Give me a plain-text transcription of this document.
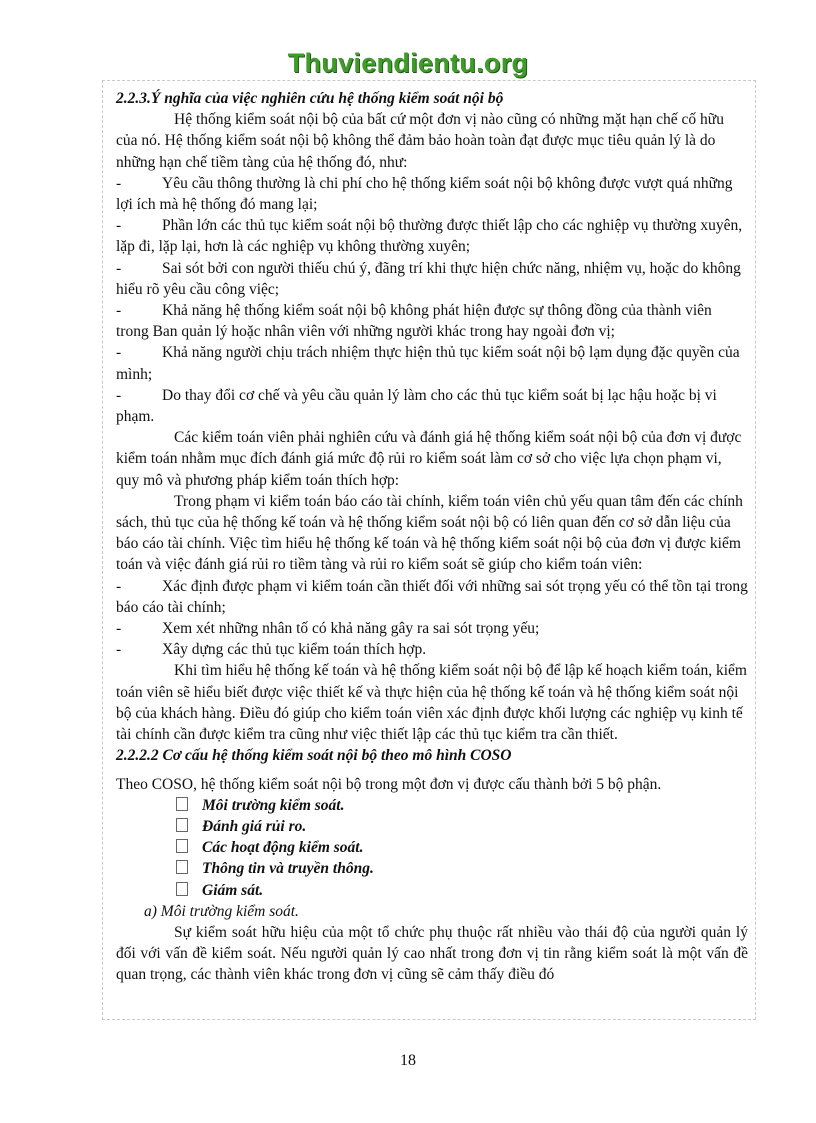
Thuviendientu.org

2.2.3.Ý nghĩa của việc nghiên cứu hệ thống kiểm soát nội bộ

Hệ thống kiểm soát nội bộ của bất cứ một đơn vị nào cũng có những mặt hạn chế cố hữu của nó. Hệ thống kiểm soát nội bộ không thể đảm bảo hoàn toàn đạt được mục tiêu quản lý là do những hạn chế tiềm tàng của hệ thống đó, như:

-	Yêu cầu thông thường là chi phí cho hệ thống kiểm soát nội bộ không được vượt quá những lợi ích mà hệ thống đó mang lại;

-	Phần lớn các thủ tục kiểm soát nội bộ thường được thiết lập cho các nghiệp vụ thường xuyên, lặp đi, lặp lại, hơn là các nghiệp vụ không thường xuyên;

-	Sai sót bởi con người thiếu chú ý, đãng trí khi thực hiện chức năng, nhiệm vụ, hoặc do không hiểu rõ yêu cầu công việc;

-	Khả năng hệ thống kiểm soát nội bộ không phát hiện được sự thông đồng của thành viên trong Ban quản lý hoặc nhân viên với những người khác trong hay ngoài đơn vị;

-	Khả năng người chịu trách nhiệm thực hiện thủ tục kiểm soát nội bộ lạm dụng đặc quyền của mình;

-	Do thay đổi cơ chế và yêu cầu quản lý làm cho các thủ tục kiểm soát bị lạc hậu hoặc bị vi phạm.

Các kiểm toán viên phải nghiên cứu và đánh giá hệ thống kiểm soát nội bộ của đơn vị được kiểm toán nhằm mục đích đánh giá mức độ rủi ro kiểm soát làm cơ sở cho việc lựa chọn phạm vi, quy mô và phương pháp kiểm toán thích hợp:

Trong phạm vi kiểm toán báo cáo tài chính, kiểm toán viên chủ yếu quan tâm đến các chính sách, thủ tục của hệ thống kế toán và hệ thống kiểm soát nội bộ có liên quan đến cơ sở dẫn liệu của báo cáo tài chính. Việc tìm hiểu hệ thống kế toán và hệ thống kiểm soát nội bộ của đơn vị được kiểm toán và việc đánh giá rủi ro tiềm tàng và rủi ro kiểm soát sẽ giúp cho kiểm toán viên:

-	Xác định được phạm vi kiểm toán cần thiết đối với những sai sót trọng yếu có thể tồn tại trong báo cáo tài chính;

-	Xem xét những nhân tố có khả năng gây ra sai sót trọng yếu;

-	Xây dựng các thủ tục kiểm toán thích hợp.

Khi tìm hiểu hệ thống kế toán và hệ thống kiểm soát nội bộ để lập kế hoạch kiểm toán, kiểm toán viên sẽ hiểu biết được việc thiết kế và thực hiện của hệ thống kế toán và hệ thống kiểm soát nội bộ của khách hàng. Điều đó giúp cho kiểm toán viên xác định được khối lượng các nghiệp vụ kinh tế tài chính cần được kiểm tra cũng như việc thiết lập các thủ tục kiểm tra cần thiết.

2.2.2.2 Cơ cấu hệ thống kiểm soát nội bộ theo mô hình COSO

Theo COSO, hệ thống kiểm soát nội bộ trong một đơn vị được cấu thành bởi 5 bộ phận.

Môi trường kiểm soát.

Đánh giá rủi ro.

Các hoạt động kiểm soát.

Thông tin và truyền thông.

Giám sát.

a) Môi trường kiểm soát.

Sự kiểm soát hữu hiệu của một tổ chức phụ thuộc rất nhiều vào thái độ của người quản lý đối với vấn đề kiểm soát. Nếu người quản lý cao nhất trong đơn vị tin rằng kiểm soát là một vấn đề quan trọng, các thành viên khác trong đơn vị cũng sẽ cảm thấy điều đó

18
